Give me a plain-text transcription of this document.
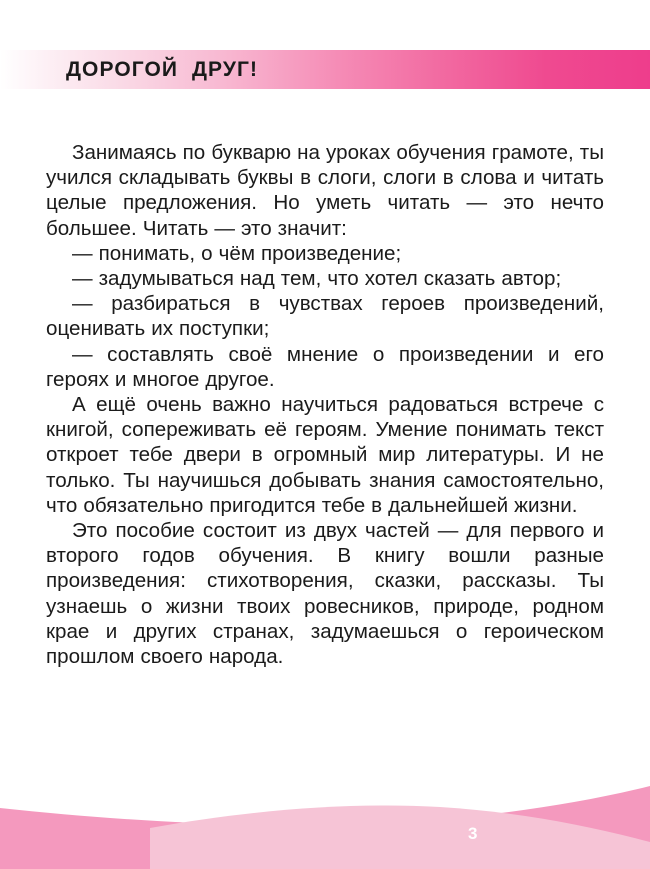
ДОРОГОЙ  ДРУГ!

Занимаясь по букварю на уроках обучения грамоте, ты учился складывать буквы в слоги, слоги в слова и читать целые предложения. Но уметь читать — это нечто большее. Читать — это значит:

— понимать, о чём произведение;

— задумываться над тем, что хотел сказать автор;

— разбираться в чувствах героев произведений, оценивать их поступки;

— составлять своё мнение о произведении и его героях и многое другое.

А ещё очень важно научиться радоваться встрече с книгой, сопереживать её героям. Умение понимать текст откроет тебе двери в огромный мир литературы. И не только. Ты научишься добывать знания самостоятельно, что обязательно пригодится тебе в дальнейшей жизни.

Это пособие состоит из двух частей — для первого и второго годов обучения. В книгу вошли разные произведения: стихотворения, сказки, рассказы. Ты узнаешь о жизни твоих ровесников, природе, родном крае и других странах, задумаешься о героическом прошлом своего народа.

3
